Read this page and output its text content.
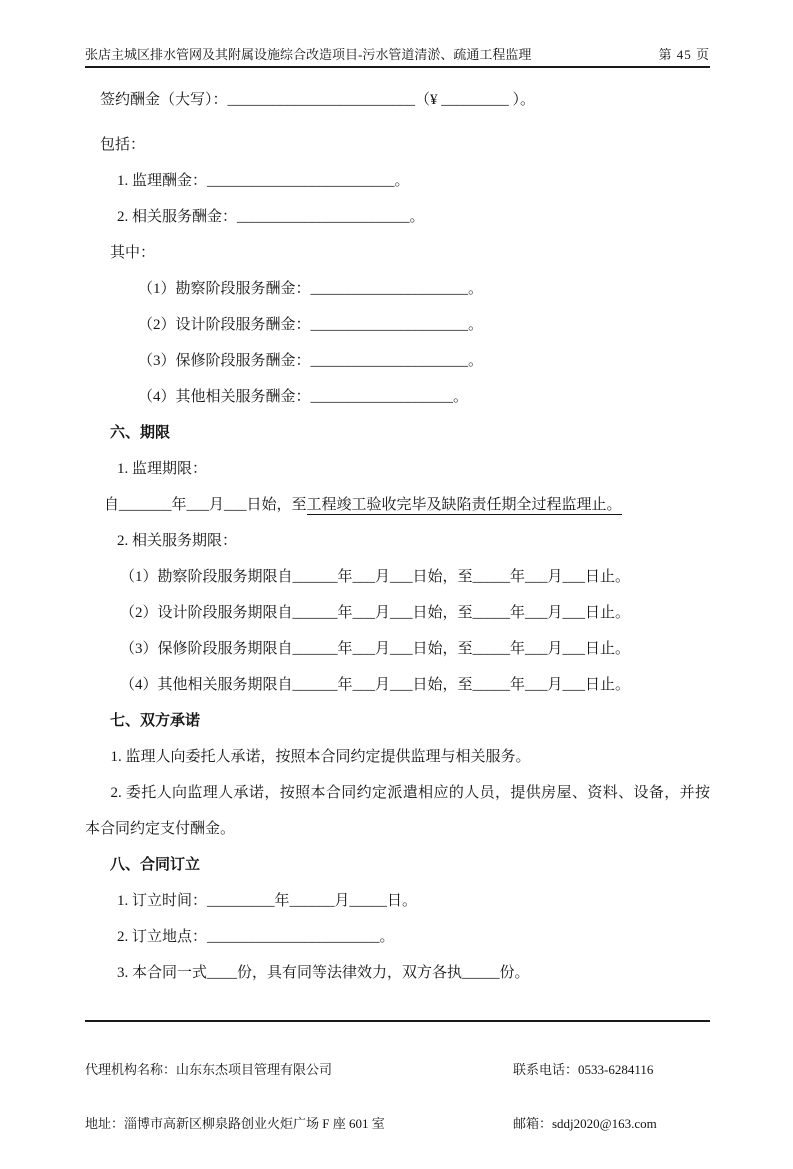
张店主城区排水管网及其附属设施综合改造项目-污水管道清淤、疏通工程监理	第 45 页
签约酬金（大写）：_________________________（¥ _________ ）。
包括：
1. 监理酬金：_________________________。
2. 相关服务酬金：_______________________。
其中：
（1）勘察阶段服务酬金：_____________________。
（2）设计阶段服务酬金：_____________________。
（3）保修阶段服务酬金：_____________________。
（4）其他相关服务酬金：___________________。
六、期限
1. 监理期限：
自_______年___月___日始，至工程竣工验收完毕及缺陷责任期全过程监理止。
2. 相关服务期限：
（1）勘察阶段服务期限自______年___月___日始，至_____年___月___日止。
（2）设计阶段服务期限自______年___月___日始，至_____年___月___日止。
（3）保修阶段服务期限自______年___月___日始，至_____年___月___日止。
（4）其他相关服务期限自______年___月___日始，至_____年___月___日止。
七、双方承诺
1. 监理人向委托人承诺，按照本合同约定提供监理与相关服务。
2. 委托人向监理人承诺，按照本合同约定派遣相应的人员，提供房屋、资料、设备，并按本合同约定支付酬金。
八、合同订立
1. 订立时间：_________年______月_____日。
2. 订立地点：_______________________。
3. 本合同一式____份，具有同等法律效力，双方各执_____份。

代理机构名称：山东东杰项目管理有限公司

地址：淄博市高新区柳泉路创业火炬广场 F 座 601 室

联系电话：0533-6284116

邮箱：sddj2020@163.com
